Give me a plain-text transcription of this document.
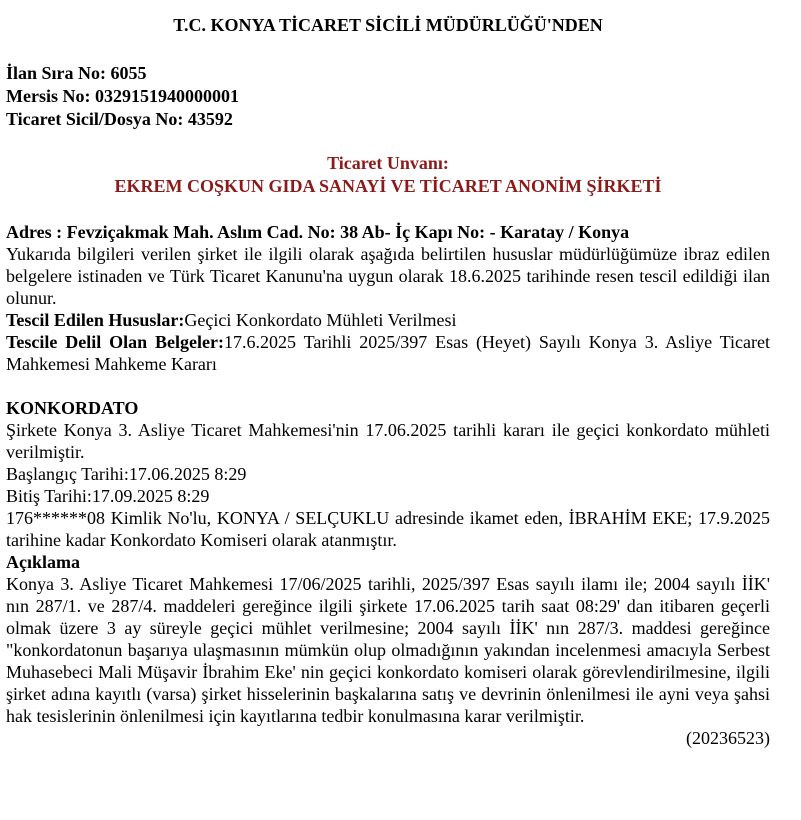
T.C. KONYA TİCARET SİCİLİ MÜDÜRLÜĞÜ'NDEN
İlan Sıra No: 6055
Mersis No: 0329151940000001
Ticaret Sicil/Dosya No: 43592
Ticaret Unvanı:
EKREM COŞKUN GIDA SANAYİ VE TİCARET ANONİM ŞİRKETİ
Adres : Fevziçakmak Mah. Aslım Cad. No: 38 Ab- İç Kapı No: - Karatay / Konya

Yukarıda bilgileri verilen şirket ile ilgili olarak aşağıda belirtilen hususlar müdürlüğümüze ibraz edilen belgelere istinaden ve Türk Ticaret Kanunu'na uygun olarak 18.6.2025 tarihinde resen tescil edildiği ilan olunur.

Tescil Edilen Hususlar:Geçici Konkordato Mühleti Verilmesi

Tescile Delil Olan Belgeler:17.6.2025 Tarihli 2025/397 Esas (Heyet) Sayılı Konya 3. Asliye Ticaret Mahkemesi Mahkeme Kararı

KONKORDATO

Şirkete Konya 3. Asliye Ticaret Mahkemesi'nin 17.06.2025 tarihli kararı ile geçici konkordato mühleti verilmiştir.

Başlangıç Tarihi:17.06.2025 8:29

Bitiş Tarihi:17.09.2025 8:29

176******08 Kimlik No'lu, KONYA / SELÇUKLU adresinde ikamet eden, İBRAHİM EKE; 17.9.2025 tarihine kadar Konkordato Komiseri olarak atanmıştır.

Açıklama

Konya 3. Asliye Ticaret Mahkemesi 17/06/2025 tarihli, 2025/397 Esas sayılı ilamı ile; 2004 sayılı İİK' nın 287/1. ve 287/4. maddeleri gereğince ilgili şirkete 17.06.2025 tarih saat 08:29' dan itibaren geçerli olmak üzere 3 ay süreyle geçici mühlet verilmesine; 2004 sayılı İİK' nın 287/3. maddesi gereğince "konkordatonun başarıya ulaşmasının mümkün olup olmadığının yakından incelenmesi amacıyla Serbest Muhasebeci Mali Müşavir İbrahim Eke' nin geçici konkordato komiseri olarak görevlendirilmesine, ilgili şirket adına kayıtlı (varsa) şirket hisselerinin başkalarına satış ve devrinin önlenilmesi ile ayni veya şahsi hak tesislerinin önlenilmesi için kayıtlarına tedbir konulmasına karar verilmiştir.

(20236523)
